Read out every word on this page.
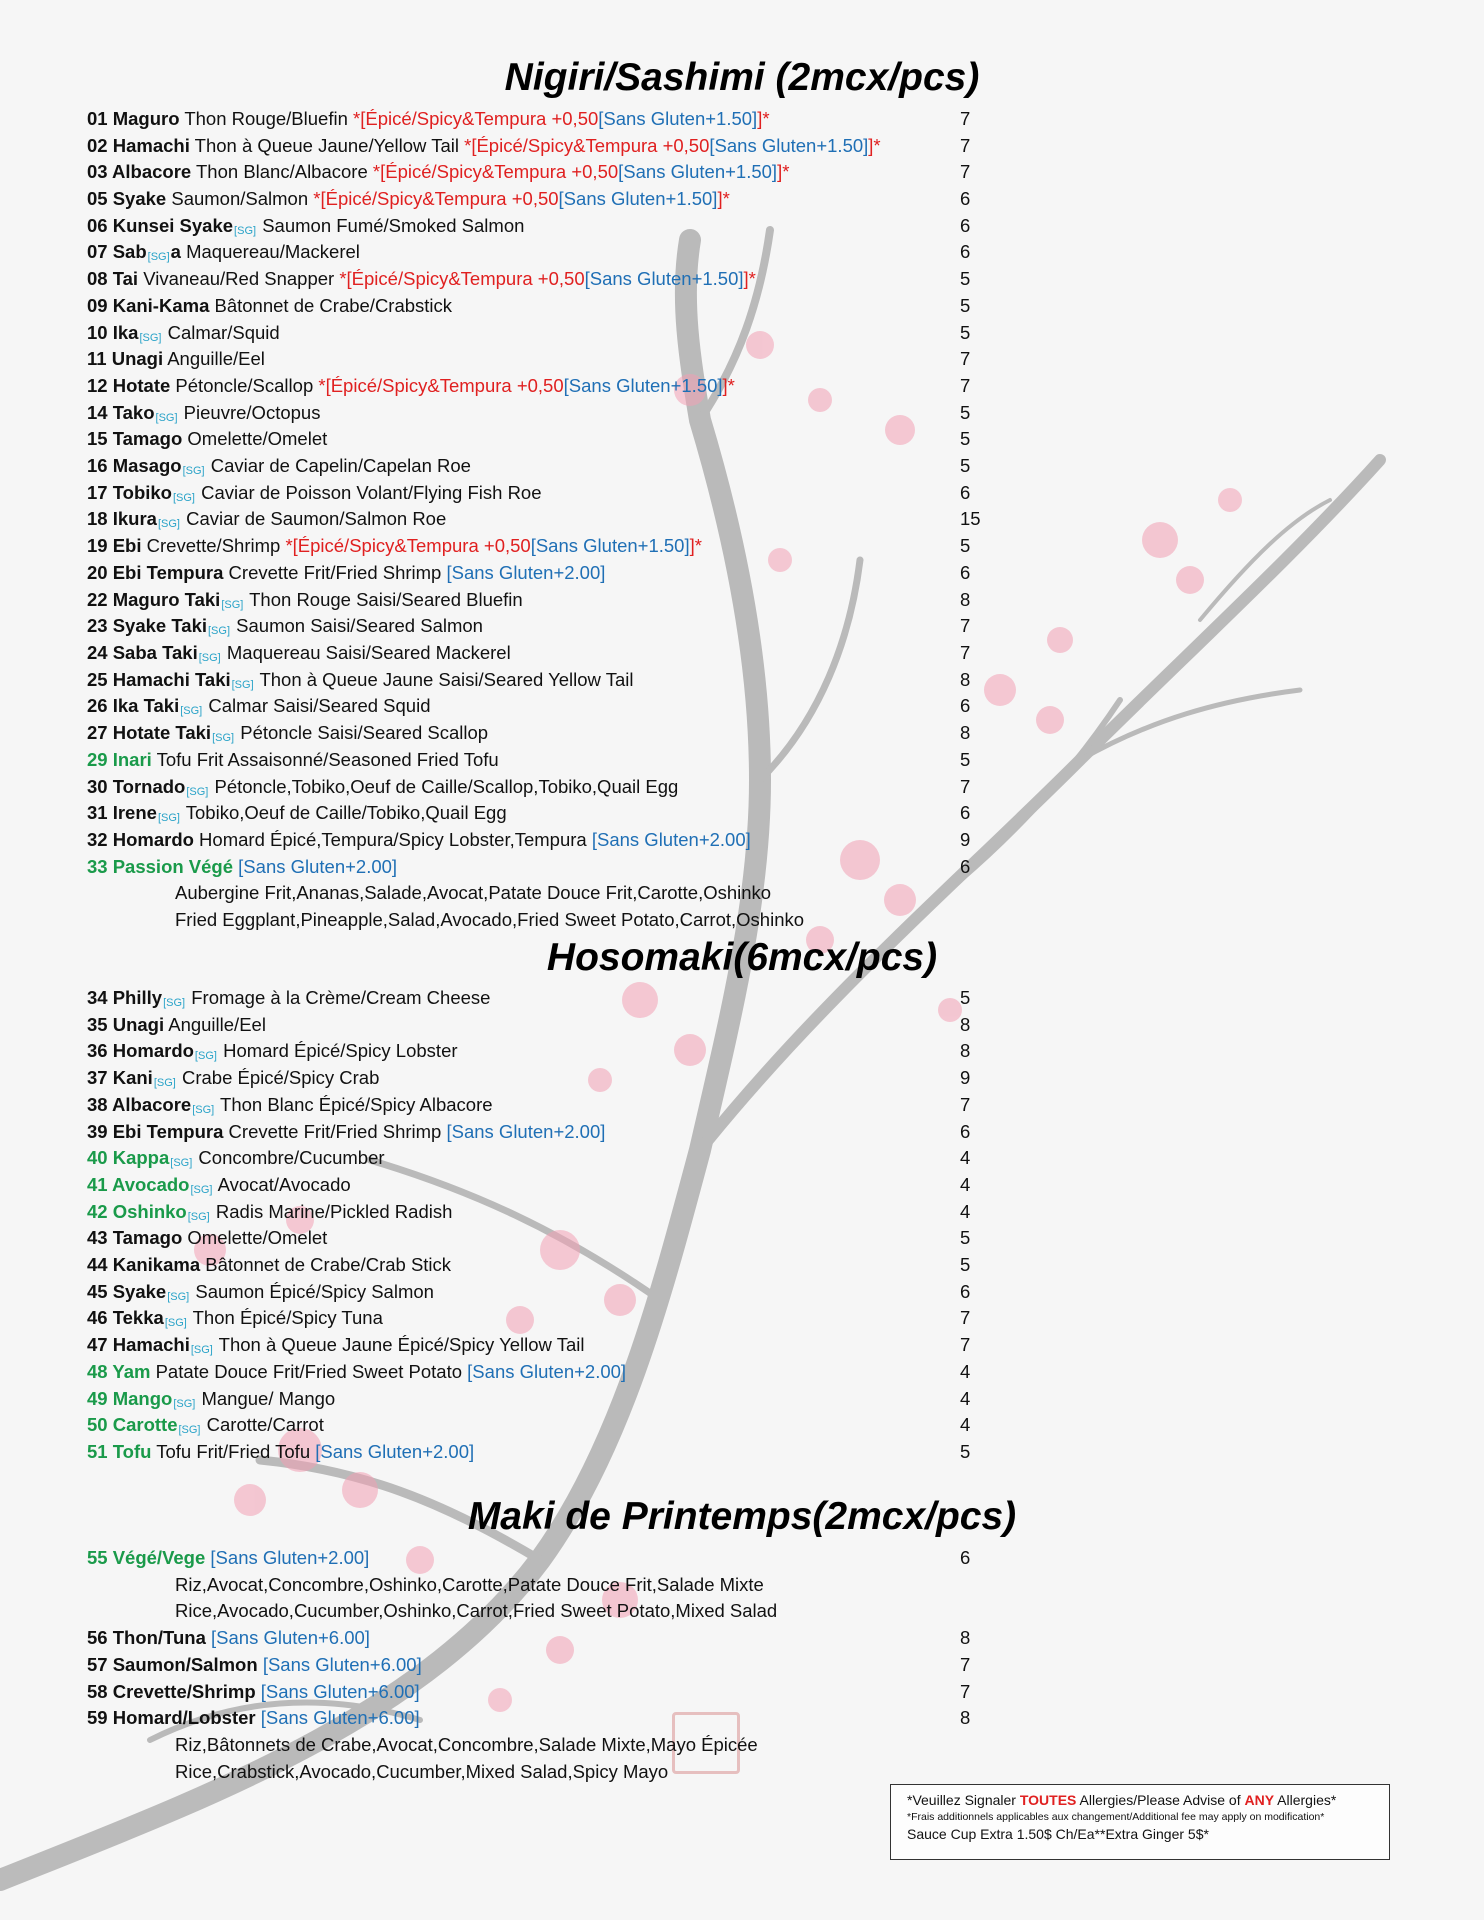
Nigiri/Sashimi (2mcx/pcs)
01 Maguro Thon Rouge/Bluefin *[Épicé/Spicy&Tempura +0,50[Sans Gluten+1.50]]*	7
02 Hamachi Thon à Queue Jaune/Yellow Tail *[Épicé/Spicy&Tempura +0,50[Sans Gluten+1.50]]*	7
03 Albacore Thon Blanc/Albacore *[Épicé/Spicy&Tempura +0,50[Sans Gluten+1.50]]*	7
05 Syake Saumon/Salmon *[Épicé/Spicy&Tempura +0,50[Sans Gluten+1.50]]*	6
06 Kunsei Syake[SG] Saumon Fumé/Smoked Salmon	6
07 Sab[SG]a Maquereau/Mackerel	6
08 Tai Vivaneau/Red Snapper *[Épicé/Spicy&Tempura +0,50[Sans Gluten+1.50]]*	5
09 Kani-Kama Bâtonnet de Crabe/Crabstick	5
10 Ika[SG] Calmar/Squid	5
11 Unagi Anguille/Eel	7
12 Hotate Pétoncle/Scallop *[Épicé/Spicy&Tempura +0,50[Sans Gluten+1.50]]*	7
14 Tako[SG] Pieuvre/Octopus	5
15 Tamago Omelette/Omelet	5
16 Masago[SG] Caviar de Capelin/Capelan Roe	5
17 Tobiko[SG] Caviar de Poisson Volant/Flying Fish Roe	6
18 Ikura[SG] Caviar de Saumon/Salmon Roe	15
19 Ebi Crevette/Shrimp *[Épicé/Spicy&Tempura +0,50[Sans Gluten+1.50]]*	5
20 Ebi Tempura Crevette Frit/Fried Shrimp [Sans Gluten+2.00]	6
22 Maguro Taki[SG] Thon Rouge Saisi/Seared Bluefin	8
23 Syake Taki[SG] Saumon Saisi/Seared Salmon	7
24 Saba Taki[SG] Maquereau Saisi/Seared Mackerel	7
25 Hamachi Taki[SG] Thon à Queue Jaune Saisi/Seared Yellow Tail	8
26 Ika Taki[SG] Calmar Saisi/Seared Squid	6
27 Hotate Taki[SG] Pétoncle Saisi/Seared Scallop	8
29 Inari Tofu Frit Assaisonné/Seasoned Fried Tofu	5
30 Tornado[SG] Pétoncle,Tobiko,Oeuf de Caille/Scallop,Tobiko,Quail Egg	7
31 Irene[SG] Tobiko,Oeuf de Caille/Tobiko,Quail Egg	6
32 Homardo Homard Épicé,Tempura/Spicy Lobster,Tempura [Sans Gluten+2.00]	9
33 Passion Végé [Sans Gluten+2.00]	6
Aubergine Frit,Ananas,Salade,Avocat,Patate Douce Frit,Carotte,Oshinko
Fried Eggplant,Pineapple,Salad,Avocado,Fried Sweet Potato,Carrot,Oshinko
Hosomaki(6mcx/pcs)
34 Philly[SG] Fromage à la Crème/Cream Cheese	5
35 Unagi Anguille/Eel	8
36 Homardo[SG] Homard Épicé/Spicy Lobster	8
37 Kani[SG] Crabe Épicé/Spicy Crab	9
38 Albacore[SG] Thon Blanc Épicé/Spicy Albacore	7
39 Ebi Tempura Crevette Frit/Fried Shrimp [Sans Gluten+2.00]	6
40 Kappa[SG] Concombre/Cucumber	4
41 Avocado[SG] Avocat/Avocado	4
42 Oshinko[SG] Radis Marine/Pickled Radish	4
43 Tamago Omelette/Omelet	5
44 Kanikama Bâtonnet de Crabe/Crab Stick	5
45 Syake[SG] Saumon Épicé/Spicy Salmon	6
46 Tekka[SG] Thon Épicé/Spicy Tuna	7
47 Hamachi[SG] Thon à Queue Jaune Épicé/Spicy Yellow Tail	7
48 Yam Patate Douce Frit/Fried Sweet Potato [Sans Gluten+2.00]	4
49 Mango[SG] Mangue/ Mango	4
50 Carotte[SG] Carotte/Carrot	4
51 Tofu Tofu Frit/Fried Tofu [Sans Gluten+2.00]	5
Maki de Printemps(2mcx/pcs)
55 Végé/Vege [Sans Gluten+2.00]	6
Riz,Avocat,Concombre,Oshinko,Carotte,Patate Douce Frit,Salade Mixte
Rice,Avocado,Cucumber,Oshinko,Carrot,Fried Sweet Potato,Mixed Salad
56 Thon/Tuna [Sans Gluten+6.00]	8
57 Saumon/Salmon [Sans Gluten+6.00]	7
58 Crevette/Shrimp [Sans Gluten+6.00]	7
59 Homard/Lobster [Sans Gluten+6.00]	8
Riz,Bâtonnets de Crabe,Avocat,Concombre,Salade Mixte,Mayo Épicée
Rice,Crabstick,Avocado,Cucumber,Mixed Salad,Spicy Mayo
*Veuillez Signaler TOUTES Allergies/Please Advise of ANY Allergies*
*Frais additionnels applicables aux changement/Additional fee may apply on modification*
Sauce Cup Extra 1.50$ Ch/Ea**Extra Ginger 5$*
